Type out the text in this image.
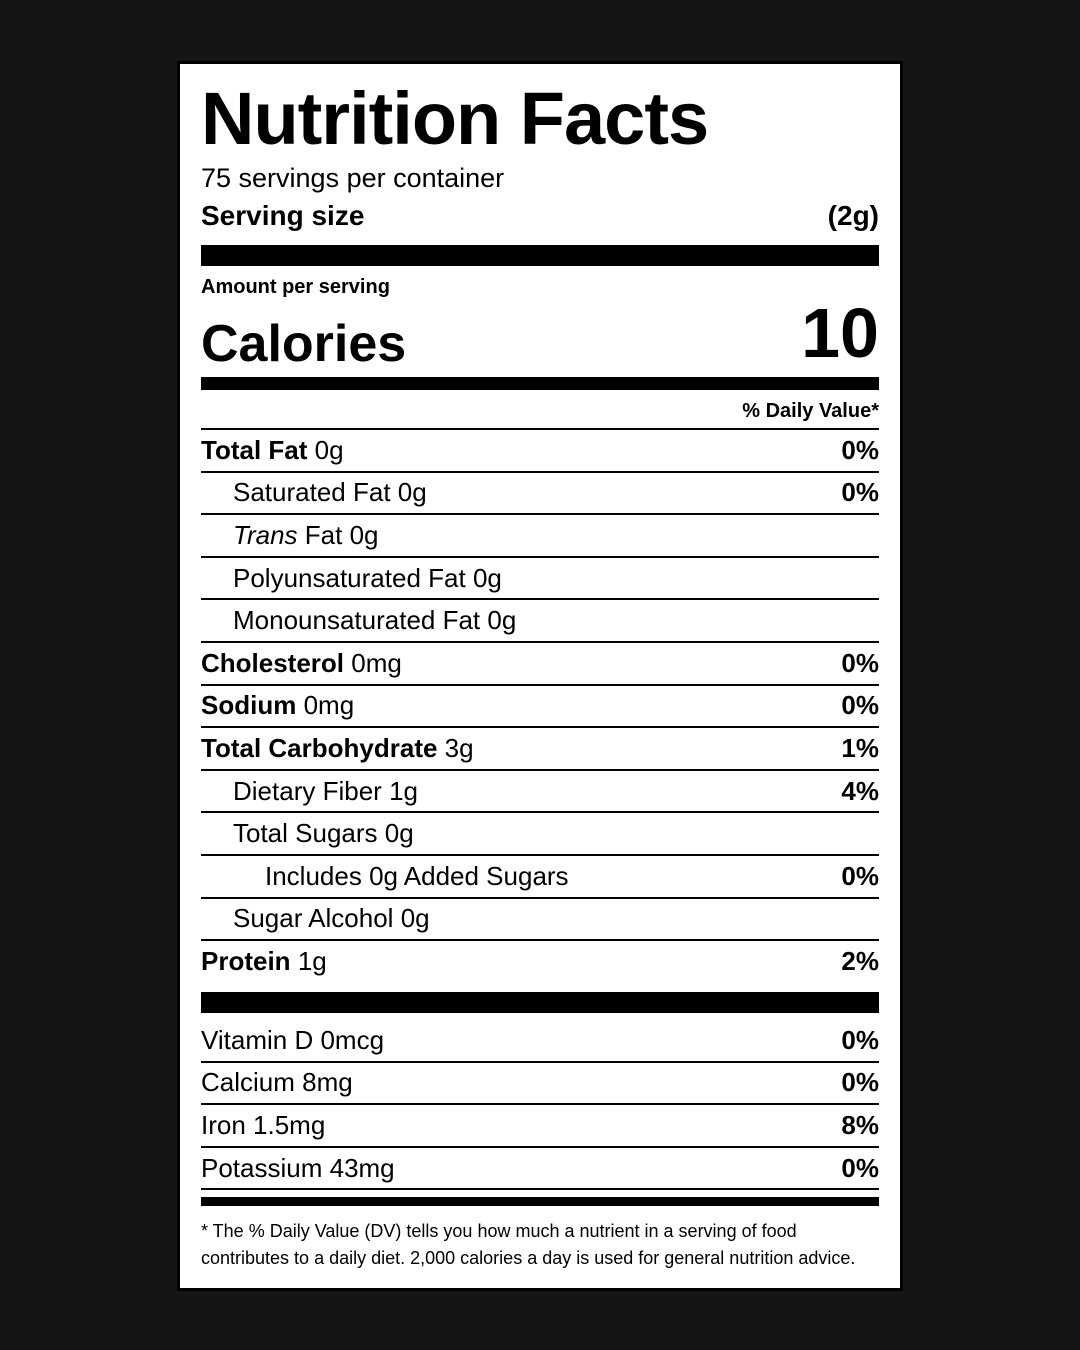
Nutrition Facts
75 servings per container
Serving size	(2g)
Amount per serving
Calories	10
% Daily Value*
Total Fat 0g	0%
Saturated Fat 0g	0%
Trans Fat 0g
Polyunsaturated Fat 0g
Monounsaturated Fat 0g
Cholesterol 0mg	0%
Sodium 0mg	0%
Total Carbohydrate 3g	1%
Dietary Fiber 1g	4%
Total Sugars 0g
Includes 0g Added Sugars	0%
Sugar Alcohol 0g
Protein 1g	2%
Vitamin D 0mcg	0%
Calcium 8mg	0%
Iron 1.5mg	8%
Potassium 43mg	0%
* The % Daily Value (DV) tells you how much a nutrient in a serving of food contributes to a daily diet. 2,000 calories a day is used for general nutrition advice.
